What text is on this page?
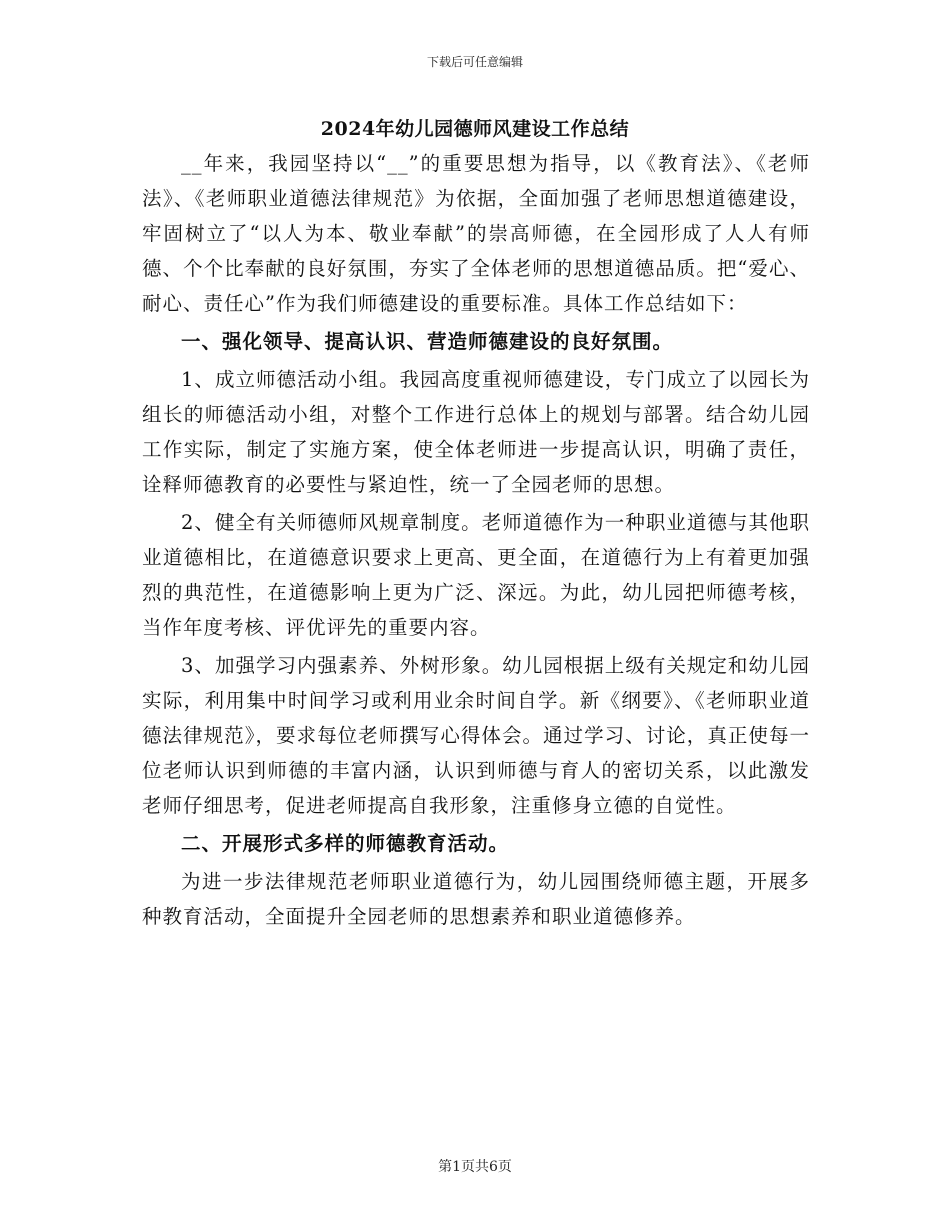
下载后可任意编辑
2024年幼儿园德师风建设工作总结

__年来，我园坚持以“__”的重要思想为指导，以《教育法》、《老师法》、《老师职业道德法律规范》为依据，全面加强了老师思想道德建设，牢固树立了“以人为本、敬业奉献”的崇高师德，在全园形成了人人有师德、个个比奉献的良好氛围，夯实了全体老师的思想道德品质。把“爱心、耐心、责任心”作为我们师德建设的重要标准。具体工作总结如下：

一、强化领导、提高认识、营造师德建设的良好氛围。

1、成立师德活动小组。我园高度重视师德建设，专门成立了以园长为组长的师德活动小组，对整个工作进行总体上的规划与部署。结合幼儿园工作实际，制定了实施方案，使全体老师进一步提高认识，明确了责任，诠释师德教育的必要性与紧迫性，统一了全园老师的思想。

2、健全有关师德师风规章制度。老师道德作为一种职业道德与其他职业道德相比，在道德意识要求上更高、更全面，在道德行为上有着更加强烈的典范性，在道德影响上更为广泛、深远。为此，幼儿园把师德考核，当作年度考核、评优评先的重要内容。

3、加强学习内强素养、外树形象。幼儿园根据上级有关规定和幼儿园实际，利用集中时间学习或利用业余时间自学。新《纲要》、《老师职业道德法律规范》，要求每位老师撰写心得体会。通过学习、讨论，真正使每一位老师认识到师德的丰富内涵，认识到师德与育人的密切关系，以此激发老师仔细思考，促进老师提高自我形象，注重修身立德的自觉性。

二、开展形式多样的师德教育活动。

为进一步法律规范老师职业道德行为，幼儿园围绕师德主题，开展多种教育活动，全面提升全园老师的思想素养和职业道德修养。

第1页共6页
